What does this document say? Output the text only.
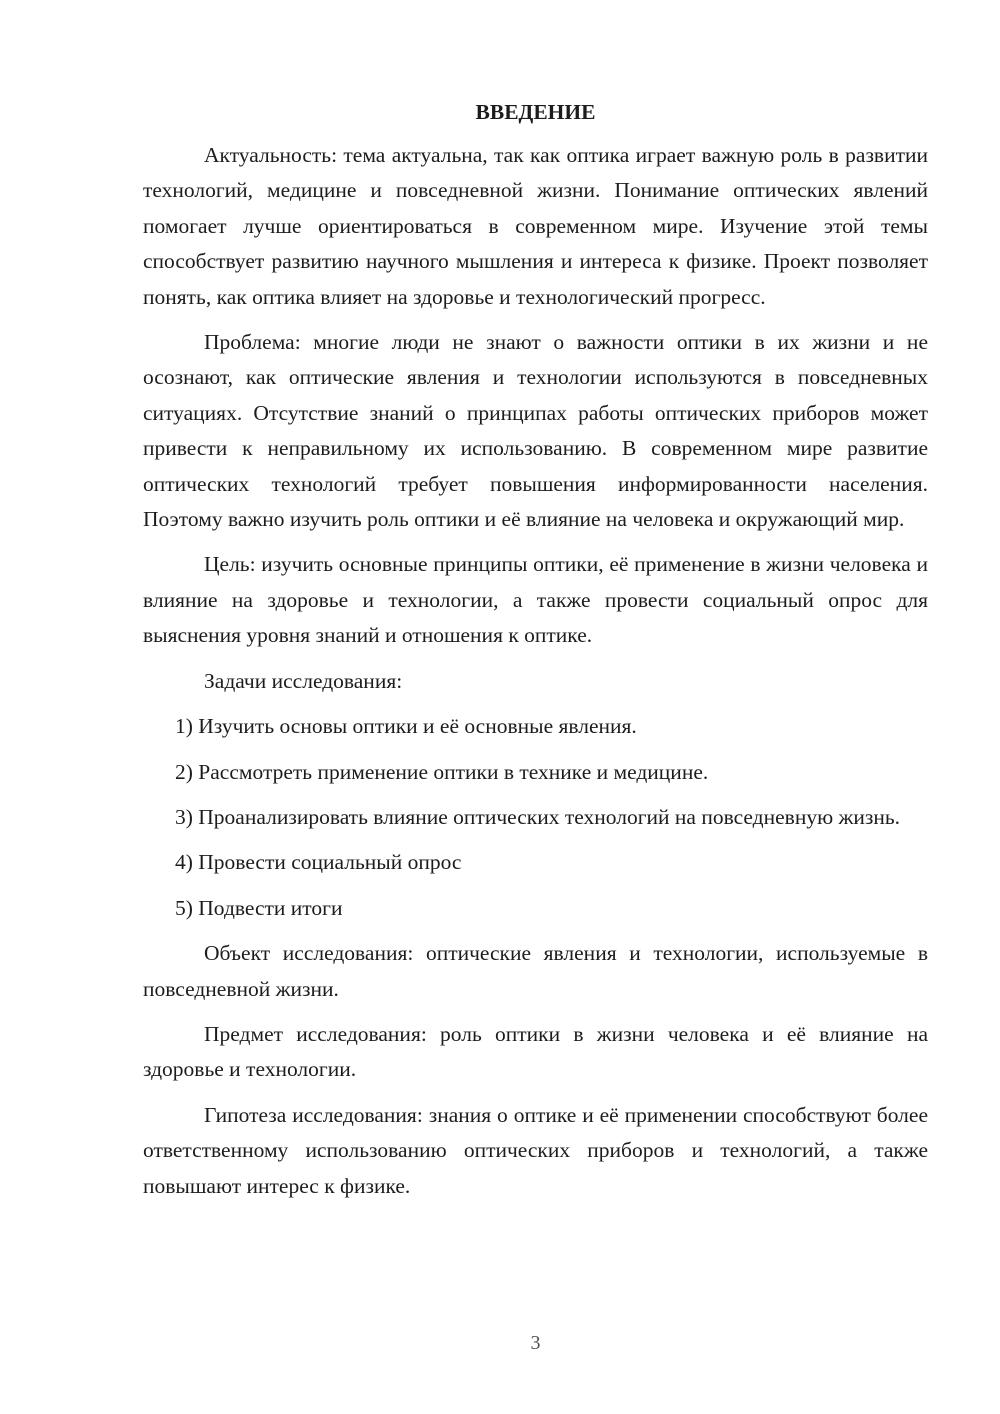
ВВЕДЕНИЕ

Актуальность: тема актуальна, так как оптика играет важную роль в развитии технологий, медицине и повседневной жизни. Понимание оптических явлений помогает лучше ориентироваться в современном мире. Изучение этой темы способствует развитию научного мышления и интереса к физике. Проект позволяет понять, как оптика влияет на здоровье и технологический прогресс.

Проблема: многие люди не знают о важности оптики в их жизни и не осознают, как оптические явления и технологии используются в повседневных ситуациях. Отсутствие знаний о принципах работы оптических приборов может привести к неправильному их использованию. В современном мире развитие оптических технологий требует повышения информированности населения. Поэтому важно изучить роль оптики и её влияние на человека и окружающий мир.

Цель: изучить основные принципы оптики, её применение в жизни человека и влияние на здоровье и технологии, а также провести социальный опрос для выяснения уровня знаний и отношения к оптике.

Задачи исследования:

1) Изучить основы оптики и её основные явления.

2) Рассмотреть применение оптики в технике и медицине.

3) Проанализировать влияние оптических технологий на повседневную жизнь.

4) Провести социальный опрос

5) Подвести итоги

Объект исследования: оптические явления и технологии, используемые в повседневной жизни.

Предмет исследования: роль оптики в жизни человека и её влияние на здоровье и технологии.

Гипотеза исследования: знания о оптике и её применении способствуют более ответственному использованию оптических приборов и технологий, а также повышают интерес к физике.

3
